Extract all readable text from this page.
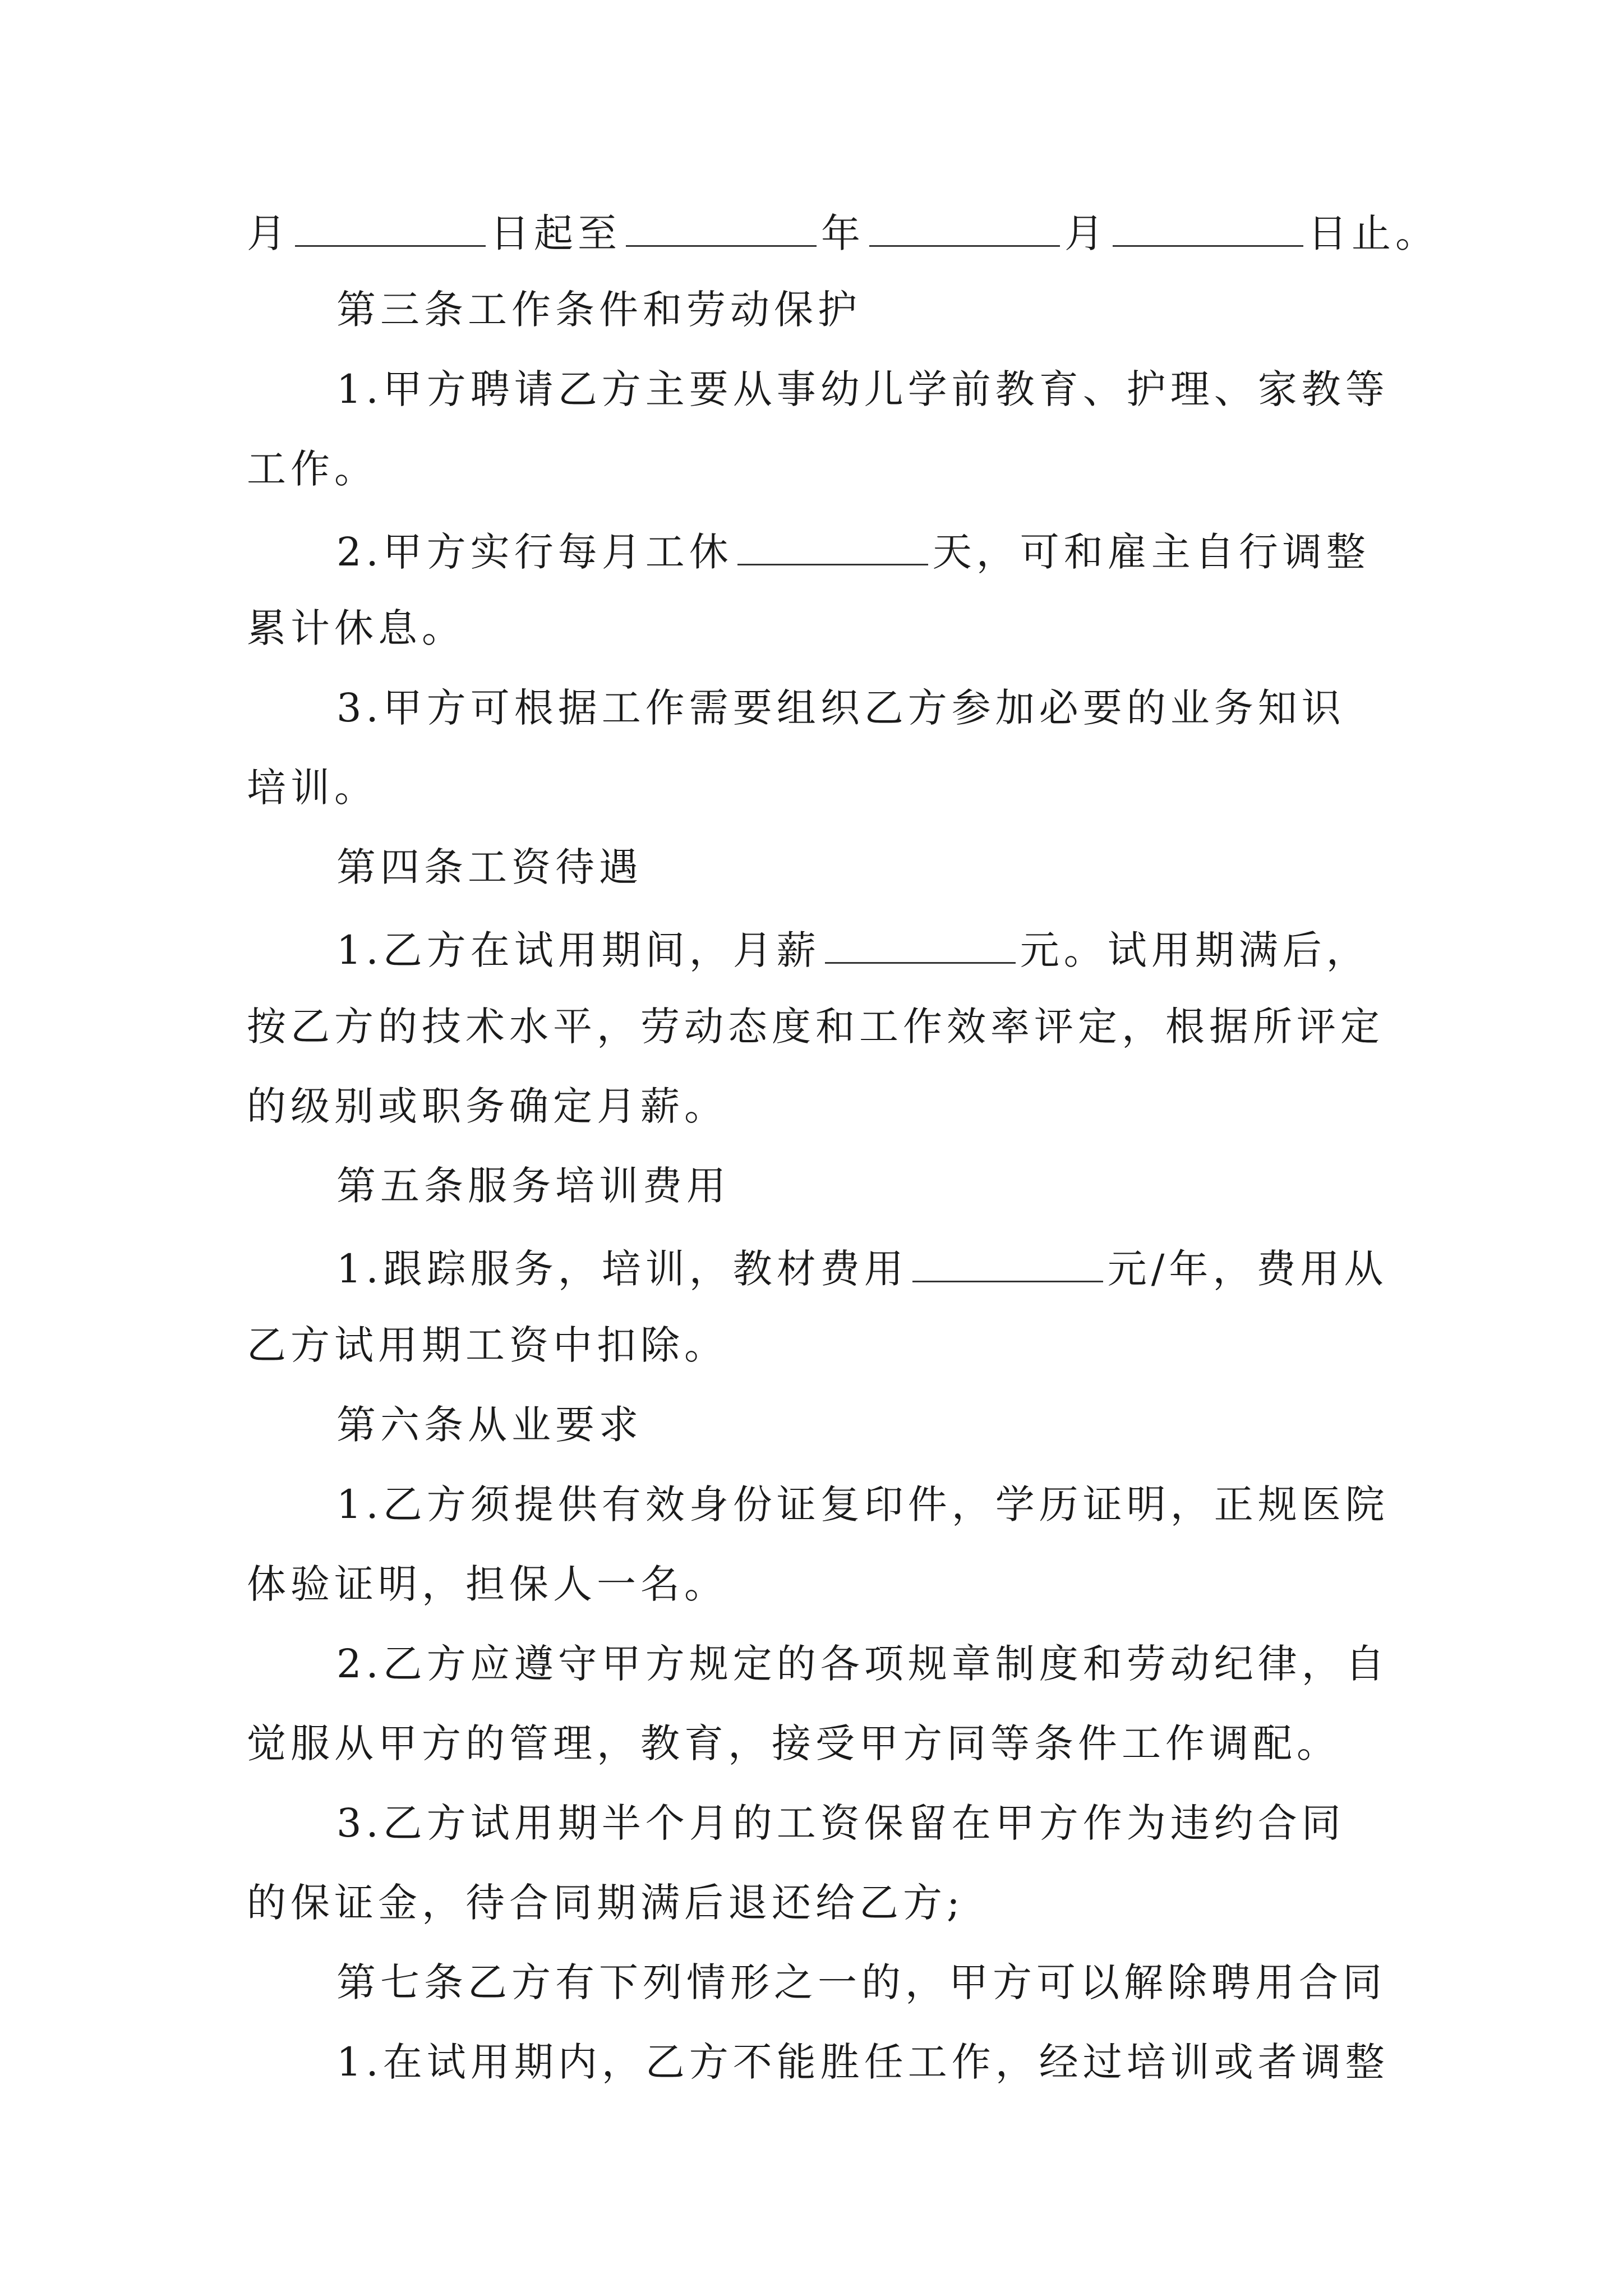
月	日起至	年	月	日止。
第三条工作条件和劳动保护
1.甲方聘请乙方主要从事幼儿学前教育、护理、家教等
工作。
2.甲方实行每月工休	天，可和雇主自行调整
累计休息。
3.甲方可根据工作需要组织乙方参加必要的业务知识
培训。
第四条工资待遇
1.乙方在试用期间，月薪	元。试用期满后，
按乙方的技术水平，劳动态度和工作效率评定，根据所评定
的级别或职务确定月薪。
第五条服务培训费用
1.跟踪服务，培训，教材费用	元/年，费用从
乙方试用期工资中扣除。
第六条从业要求
1.乙方须提供有效身份证复印件，学历证明，正规医院
体验证明，担保人一名。
2.乙方应遵守甲方规定的各项规章制度和劳动纪律，自
觉服从甲方的管理，教育，接受甲方同等条件工作调配。
3.乙方试用期半个月的工资保留在甲方作为违约合同
的保证金，待合同期满后退还给乙方;
第七条乙方有下列情形之一的，甲方可以解除聘用合同
1.在试用期内，乙方不能胜任工作，经过培训或者调整
